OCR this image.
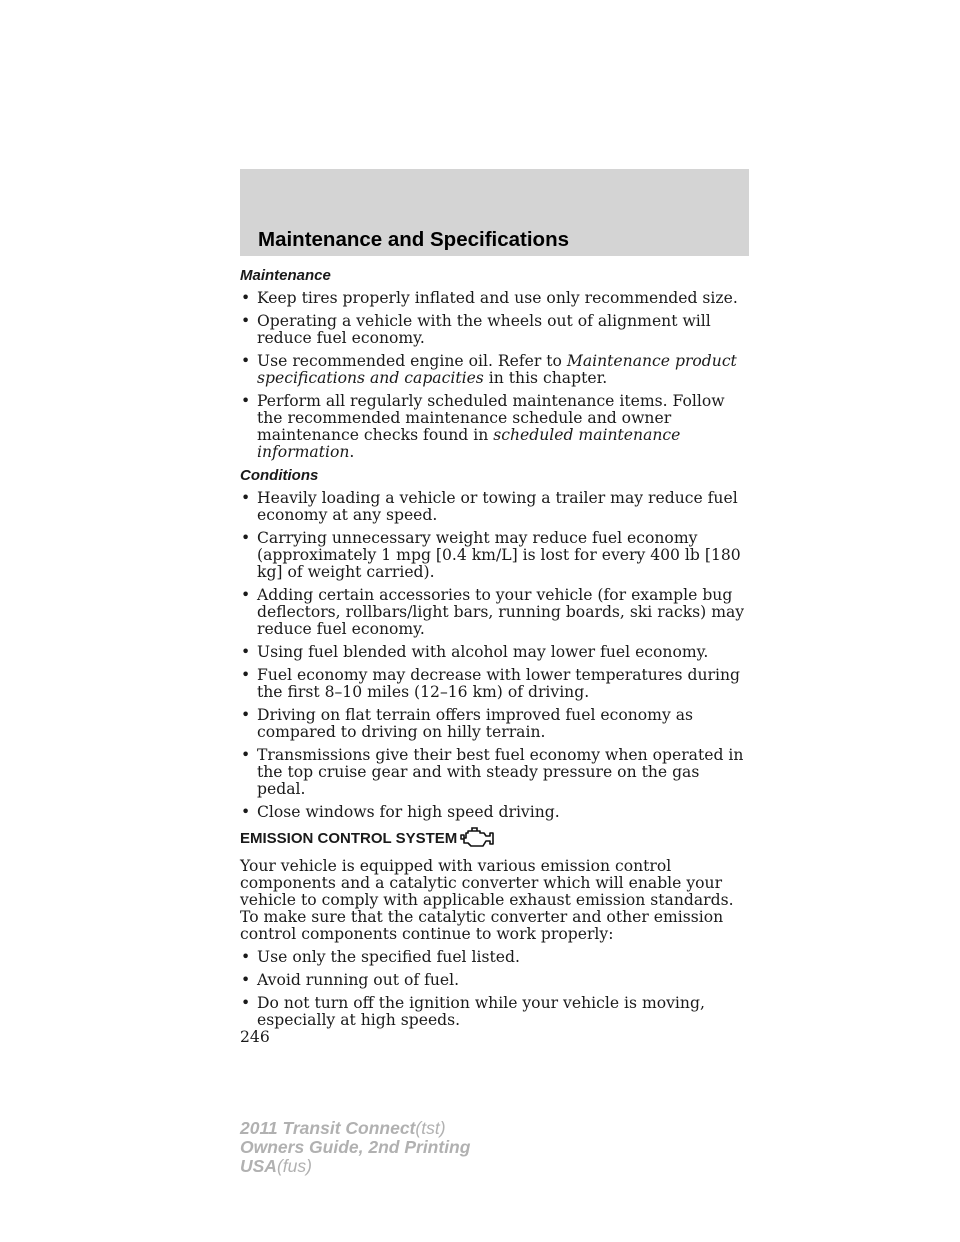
Maintenance and Specifications
Maintenance
• Keep tires properly inflated and use only recommended size.
• Operating a vehicle with the wheels out of alignment will reduce fuel economy.
• Use recommended engine oil. Refer to Maintenance product specifications and capacities in this chapter.
• Perform all regularly scheduled maintenance items. Follow the recommended maintenance schedule and owner maintenance checks found in scheduled maintenance information.
Conditions
• Heavily loading a vehicle or towing a trailer may reduce fuel economy at any speed.
• Carrying unnecessary weight may reduce fuel economy (approximately 1 mpg [0.4 km/L] is lost for every 400 lb [180 kg] of weight carried).
• Adding certain accessories to your vehicle (for example bug deflectors, rollbars/light bars, running boards, ski racks) may reduce fuel economy.
• Using fuel blended with alcohol may lower fuel economy.
• Fuel economy may decrease with lower temperatures during the first 8–10 miles (12–16 km) of driving.
• Driving on flat terrain offers improved fuel economy as compared to driving on hilly terrain.
• Transmissions give their best fuel economy when operated in the top cruise gear and with steady pressure on the gas pedal.
• Close windows for high speed driving.
EMISSION CONTROL SYSTEM
Your vehicle is equipped with various emission control components and a catalytic converter which will enable your vehicle to comply with applicable exhaust emission standards. To make sure that the catalytic converter and other emission control components continue to work properly:
• Use only the specified fuel listed.
• Avoid running out of fuel.
• Do not turn off the ignition while your vehicle is moving, especially at high speeds.
246
2011 Transit Connect(tst)
Owners Guide, 2nd Printing
USA(fus)
